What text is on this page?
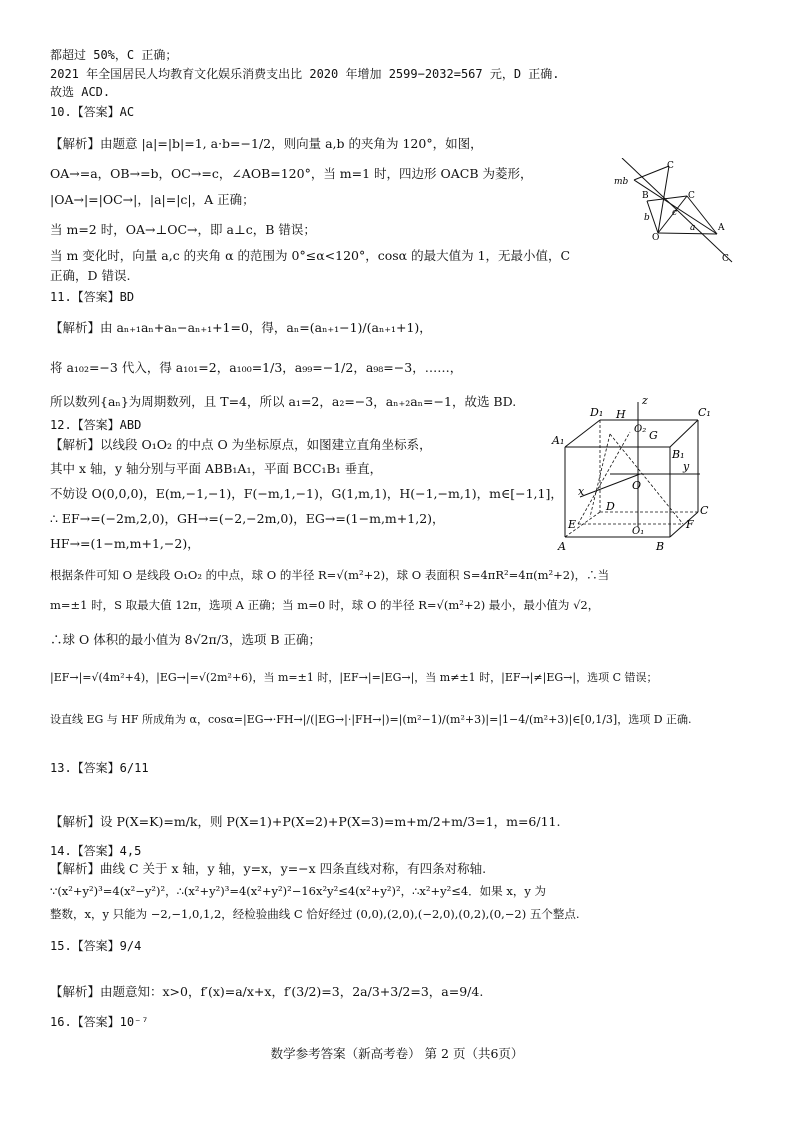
都超过 50%，C 正确；
2021 年全国居民人均教育文化娱乐消费支出比 2020 年增加 2599−2032=567 元，D 正确.
故选 ACD.
10.【答案】AC
【解析】由题意 |a|=|b|=1, a·b=−1/2，则向量 a,b 的夹角为 120°，如图，
OA→=a，OB→=b，OC→=c，∠AOB=120°，当 m=1 时，四边形 OACB 为菱形，
|OA→|=|OC→|，|a|=|c|，A 正确；
当 m=2 时，OA→⊥OC→，即 a⊥c，B 错误；
当 m 变化时，向量 a,c 的夹角 α 的范围为 0°≤α<120°，cosα 的最大值为 1，无最小值，C
正确，D 错误.
11.【答案】BD
【解析】由 aₙ₊₁aₙ+aₙ−aₙ₊₁+1=0，得，aₙ=(aₙ₊₁−1)/(aₙ₊₁+1)，
将 a₁₀₂=−3 代入，得 a₁₀₁=2，a₁₀₀=1/3，a₉₉=−1/2，a₉₈=−3，……，
所以数列{aₙ}为周期数列，且 T=4，所以 a₁=2，a₂=−3，aₙ₊₂aₙ=−1，故选 BD.
12.【答案】ABD
【解析】以线段 O₁O₂ 的中点 O 为坐标原点，如图建立直角坐标系，
其中 x 轴，y 轴分别与平面 ABB₁A₁，平面 BCC₁B₁ 垂直，
不妨设 O(0,0,0)，E(m,−1,−1)，F(−m,1,−1)，G(1,m,1)，H(−1,−m,1)，m∈[−1,1]，
∴ EF→=(−2m,2,0)，GH→=(−2,−2m,0)，EG→=(1−m,m+1,2)，
HF→=(1−m,m+1,−2)，
根据条件可知 O 是线段 O₁O₂ 的中点，球 O 的半径 R=√(m²+2)，球 O 表面积 S=4πR²=4π(m²+2)，∴当
m=±1 时，S 取最大值 12π，选项 A 正确；当 m=0 时，球 O 的半径 R=√(m²+2) 最小，最小值为 √2，
∴球 O 体积的最小值为 8√2π/3，选项 B 正确；
|EF→|=√(4m²+4)，|EG→|=√(2m²+6)，当 m=±1 时，|EF→|=|EG→|，当 m≠±1 时，|EF→|≠|EG→|，选项 C 错误；
设直线 EG 与 HF 所成角为 α，cosα=|EG→·FH→|/(|EG→|·|FH→|)=|(m²−1)/(m²+3)|=|1−4/(m²+3)|∈[0,1/3]，选项 D 正确.
13.【答案】6/11
【解析】设 P(X=K)=m/k，则 P(X=1)+P(X=2)+P(X=3)=m+m/2+m/3=1，m=6/11.
14.【答案】4,5
【解析】曲线 C 关于 x 轴，y 轴，y=x，y=−x 四条直线对称，有四条对称轴.
∵(x²+y²)³=4(x²−y²)²，∴(x²+y²)³=4(x²+y²)²−16x²y²≤4(x²+y²)²，∴x²+y²≤4．如果 x，y 为
整数，x，y 只能为 −2,−1,0,1,2，经检验曲线 C 恰好经过 (0,0),(2,0),(−2,0),(0,2),(0,−2) 五个整点.
15.【答案】9/4
【解析】由题意知：x>0，f′(x)=a/x+x，f′(3/2)=3，2a/3+3/2=3，a=9/4.
16.【答案】10⁻⁷
数学参考答案（新高考卷） 第 2 页（共6页）
mb
B
C
C
b c
O
a	A
C
D₁ H
z
C₁
A₁
O₂ G
B₁
y
x
D
O
E	F
C
O₁
A	B
